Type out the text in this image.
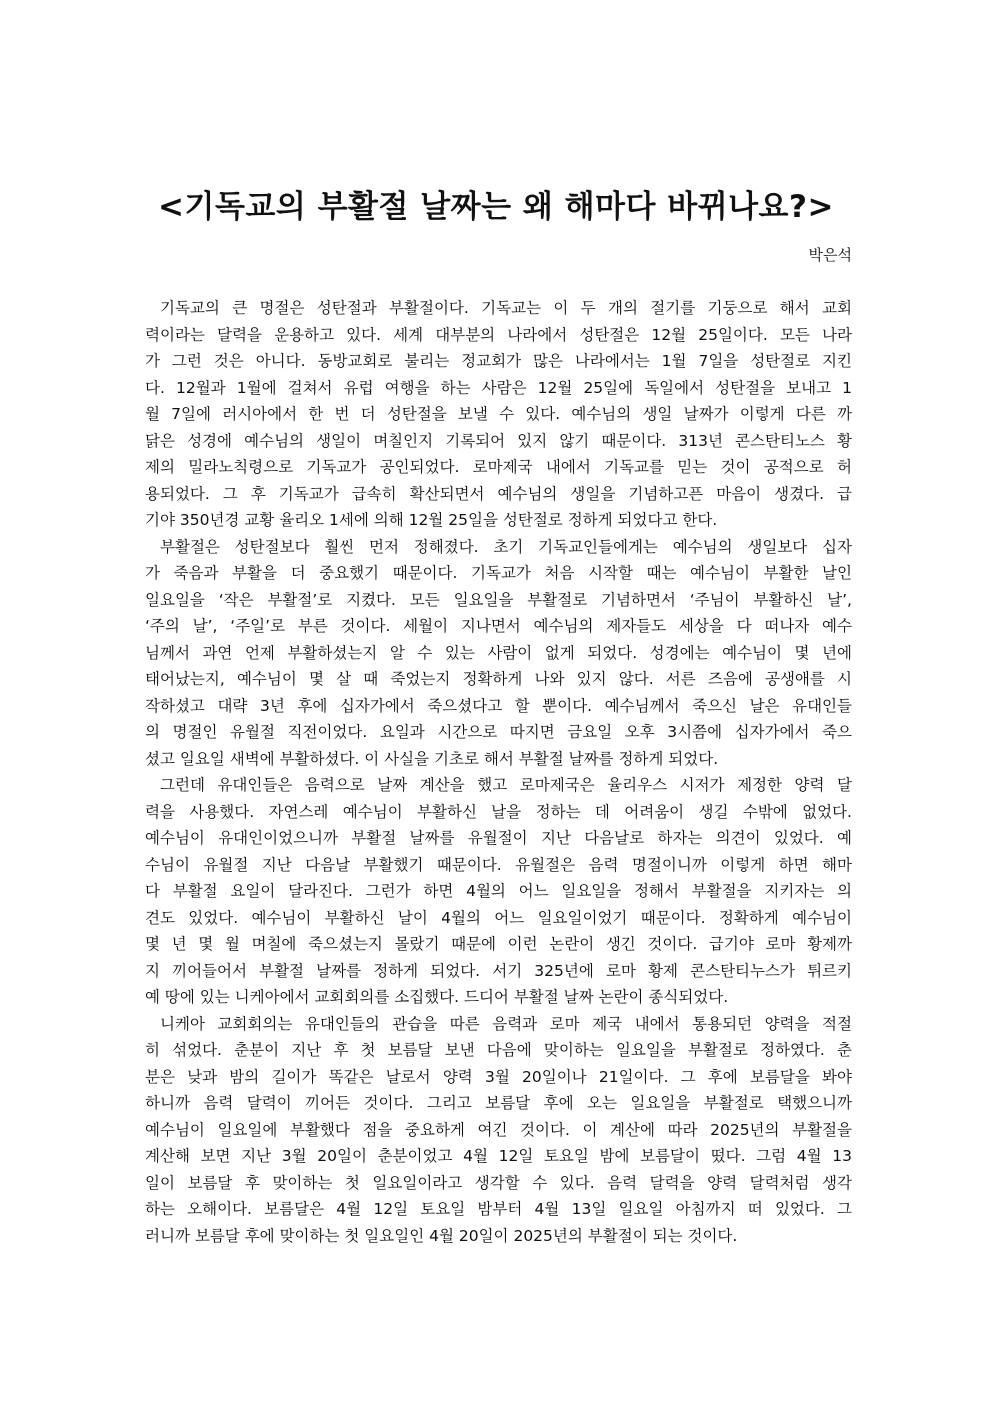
<기독교의 부활절 날짜는 왜 해마다 바뀌나요?>
박은석
기독교의 큰 명절은 성탄절과 부활절이다. 기독교는 이 두 개의 절기를 기둥으로 해서 교회
력이라는 달력을 운용하고 있다. 세계 대부분의 나라에서 성탄절은 12월 25일이다. 모든 나라
가 그런 것은 아니다. 동방교회로 불리는 정교회가 많은 나라에서는 1월 7일을 성탄절로 지킨
다. 12월과 1월에 걸쳐서 유럽 여행을 하는 사람은 12월 25일에 독일에서 성탄절을 보내고 1
월 7일에 러시아에서 한 번 더 성탄절을 보낼 수 있다. 예수님의 생일 날짜가 이렇게 다른 까
닭은 성경에 예수님의 생일이 며칠인지 기록되어 있지 않기 때문이다. 313년 콘스탄티노스 황
제의 밀라노칙령으로 기독교가 공인되었다. 로마제국 내에서 기독교를 믿는 것이 공적으로 허
용되었다. 그 후 기독교가 급속히 확산되면서 예수님의 생일을 기념하고픈 마음이 생겼다. 급
기야 350년경 교황 율리오 1세에 의해 12월 25일을 성탄절로 정하게 되었다고 한다.
부활절은 성탄절보다 훨씬 먼저 정해졌다. 초기 기독교인들에게는 예수님의 생일보다 십자
가 죽음과 부활을 더 중요했기 때문이다. 기독교가 처음 시작할 때는 예수님이 부활한 날인
일요일을 ‘작은 부활절’로 지켰다. 모든 일요일을 부활절로 기념하면서 ‘주님이 부활하신 날’,
‘주의 날’, ‘주일’로 부른 것이다. 세월이 지나면서 예수님의 제자들도 세상을 다 떠나자 예수
님께서 과연 언제 부활하셨는지 알 수 있는 사람이 없게 되었다. 성경에는 예수님이 몇 년에
태어났는지, 예수님이 몇 살 때 죽었는지 정확하게 나와 있지 않다. 서른 즈음에 공생애를 시
작하셨고 대략 3년 후에 십자가에서 죽으셨다고 할 뿐이다. 예수님께서 죽으신 날은 유대인들
의 명절인 유월절 직전이었다. 요일과 시간으로 따지면 금요일 오후 3시쯤에 십자가에서 죽으
셨고 일요일 새벽에 부활하셨다. 이 사실을 기초로 해서 부활절 날짜를 정하게 되었다.
그런데 유대인들은 음력으로 날짜 계산을 했고 로마제국은 율리우스 시저가 제정한 양력 달
력을 사용했다. 자연스레 예수님이 부활하신 날을 정하는 데 어려움이 생길 수밖에 없었다.
예수님이 유대인이었으니까 부활절 날짜를 유월절이 지난 다음날로 하자는 의견이 있었다. 예
수님이 유월절 지난 다음날 부활했기 때문이다. 유월절은 음력 명절이니까 이렇게 하면 해마
다 부활절 요일이 달라진다. 그런가 하면 4월의 어느 일요일을 정해서 부활절을 지키자는 의
견도 있었다. 예수님이 부활하신 날이 4월의 어느 일요일이었기 때문이다. 정확하게 예수님이
몇 년 몇 월 며칠에 죽으셨는지 몰랐기 때문에 이런 논란이 생긴 것이다. 급기야 로마 황제까
지 끼어들어서 부활절 날짜를 정하게 되었다. 서기 325년에 로마 황제 콘스탄티누스가 튀르키
예 땅에 있는 니케아에서 교회회의를 소집했다. 드디어 부활절 날짜 논란이 종식되었다.
니케아 교회회의는 유대인들의 관습을 따른 음력과 로마 제국 내에서 통용되던 양력을 적절
히 섞었다. 춘분이 지난 후 첫 보름달 보낸 다음에 맞이하는 일요일을 부활절로 정하였다. 춘
분은 낮과 밤의 길이가 똑같은 날로서 양력 3월 20일이나 21일이다. 그 후에 보름달을 봐야
하니까 음력 달력이 끼어든 것이다. 그리고 보름달 후에 오는 일요일을 부활절로 택했으니까
예수님이 일요일에 부활했다 점을 중요하게 여긴 것이다. 이 계산에 따라 2025년의 부활절을
계산해 보면 지난 3월 20일이 춘분이었고 4월 12일 토요일 밤에 보름달이 떴다. 그럼 4월 13
일이 보름달 후 맞이하는 첫 일요일이라고 생각할 수 있다. 음력 달력을 양력 달력처럼 생각
하는 오해이다. 보름달은 4월 12일 토요일 밤부터 4월 13일 일요일 아침까지 떠 있었다. 그
러니까 보름달 후에 맞이하는 첫 일요일인 4월 20일이 2025년의 부활절이 되는 것이다.
